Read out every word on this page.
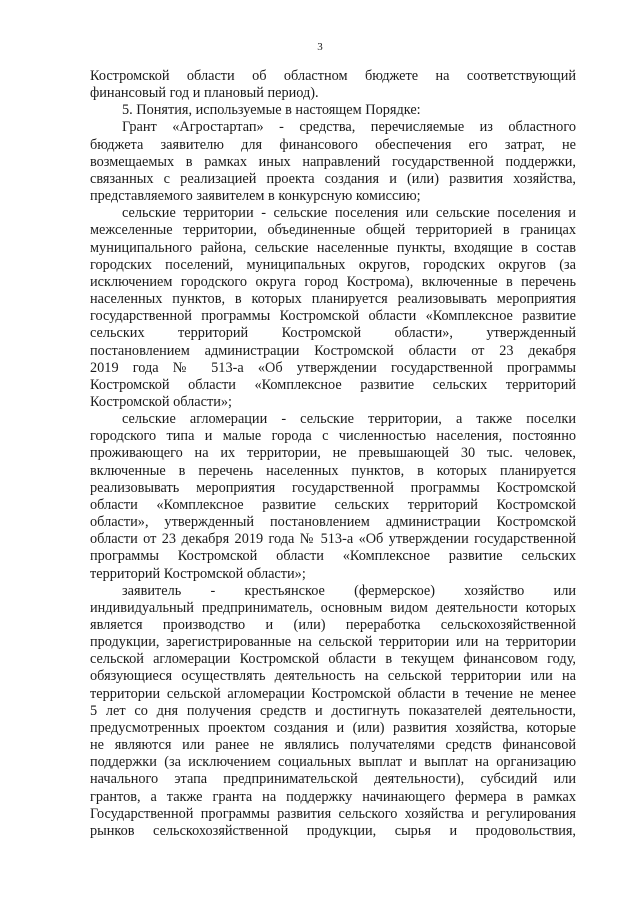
3
Костромской области об областном бюджете на соответствующий
финансовый год и плановый период).
5. Понятия, используемые в настоящем Порядке:
Грант «Агростартап» - средства, перечисляемые из областного
бюджета заявителю для финансового обеспечения его затрат, не
возмещаемых в рамках иных направлений государственной поддержки,
связанных с реализацией проекта создания и (или) развития хозяйства,
представляемого заявителем в конкурсную комиссию;
сельские территории - сельские поселения или сельские поселения и
межселенные территории, объединенные общей территорией в границах
муниципального района, сельские населенные пункты, входящие в состав
городских поселений, муниципальных округов, городских округов (за
исключением городского округа город Кострома), включенные в перечень
населенных пунктов, в которых планируется реализовывать мероприятия
государственной программы Костромской области «Комплексное развитие
сельских территорий Костромской области», утвержденный
постановлением администрации Костромской области от 23 декабря
2019 года № 513-а «Об утверждении государственной программы
Костромской области «Комплексное развитие сельских территорий
Костромской области»;
сельские агломерации - сельские территории, а также поселки
городского типа и малые города с численностью населения, постоянно
проживающего на их территории, не превышающей 30 тыс. человек,
включенные в перечень населенных пунктов, в которых планируется
реализовывать мероприятия государственной программы Костромской
области «Комплексное развитие сельских территорий Костромской
области», утвержденный постановлением администрации Костромской
области от 23 декабря 2019 года № 513-а «Об утверждении государственной
программы Костромской области «Комплексное развитие сельских
территорий Костромской области»;
заявитель - крестьянское (фермерское) хозяйство или
индивидуальный предприниматель, основным видом деятельности которых
является производство и (или) переработка сельскохозяйственной
продукции, зарегистрированные на сельской территории или на территории
сельской агломерации Костромской области в текущем финансовом году,
обязующиеся осуществлять деятельность на сельской территории или на
территории сельской агломерации Костромской области в течение не менее
5 лет со дня получения средств и достигнуть показателей деятельности,
предусмотренных проектом создания и (или) развития хозяйства, которые
не являются или ранее не являлись получателями средств финансовой
поддержки (за исключением социальных выплат и выплат на организацию
начального этапа предпринимательской деятельности), субсидий или
грантов, а также гранта на поддержку начинающего фермера в рамках
Государственной программы развития сельского хозяйства и регулирования
рынков сельскохозяйственной продукции, сырья и продовольствия,
